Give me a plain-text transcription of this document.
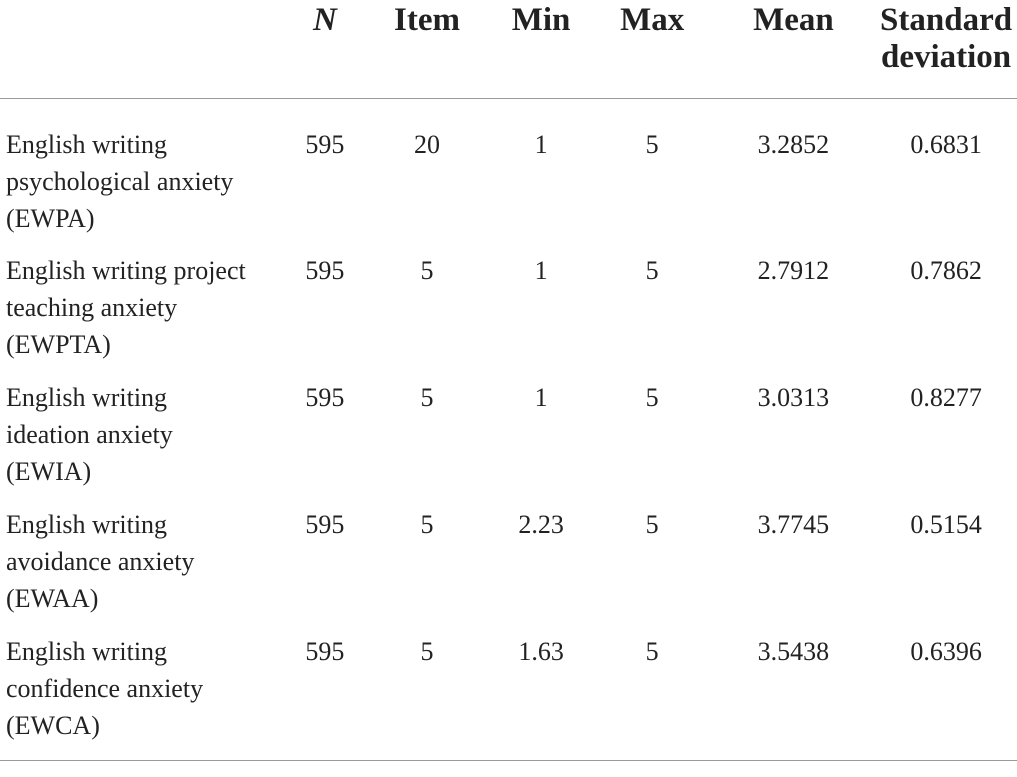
	N	Item	Min	Max	Mean	Standard deviation

English writing psychological anxiety (EWPA)	595	20	1	5	3.2852	0.6831

English writing project teaching anxiety (EWPTA)	595	5	1	5	2.7912	0.7862

English writing ideation anxiety (EWIA)	595	5	1	5	3.0313	0.8277

English writing avoidance anxiety (EWAA)	595	5	2.23	5	3.7745	0.5154

English writing confidence anxiety (EWCA)	595	5	1.63	5	3.5438	0.6396
